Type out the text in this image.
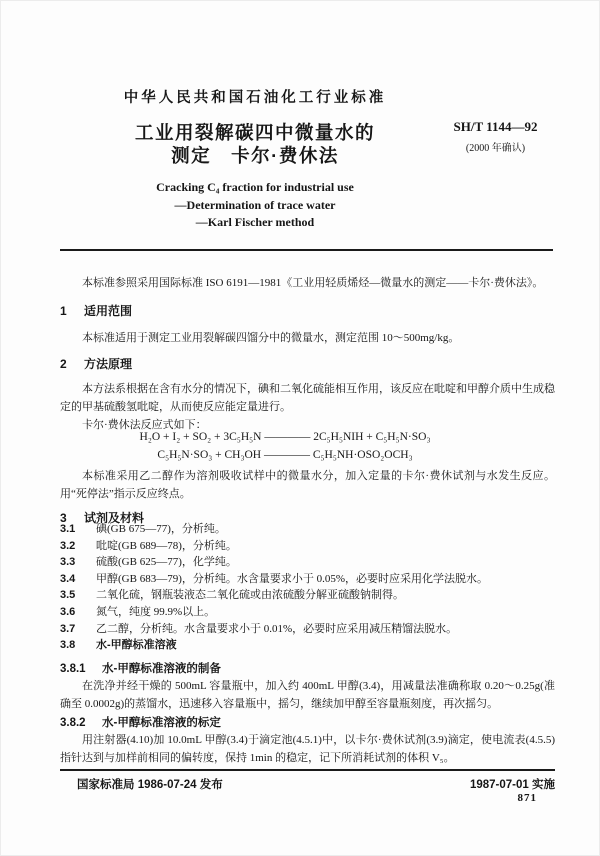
中华人民共和国石油化工行业标准
工业用裂解碳四中微量水的
测定　卡尔·费休法
SH/T 1144—92
(2000 年确认)
Cracking C₄ fraction for industrial use
—Determination of trace water
—Karl Fischer method
本标准参照采用国际标准 ISO 6191—1981《工业用轻质烯烃—微量水的测定——卡尔·费休法》。
1 适用范围
本标准适用于测定工业用裂解碳四馏分中的微量水，测定范围 10～500mg/kg。
2 方法原理
本方法系根据在含有水分的情况下，碘和二氧化硫能相互作用，该反应在吡啶和甲醇介质中生成稳定的甲基硫酸氢吡啶，从而使反应能定量进行。
卡尔·费休法反应式如下：
H₂O + I₂ + SO₂ + 3C₅H₅N ———— 2C₅H₅NIH + C₅H₅N·SO₃
C₅H₅N·SO₃ + CH₃OH ———— C₅H₅NH·OSO₂OCH₃
本标准采用乙二醇作为溶剂吸收试样中的微量水分，加入定量的卡尔·费休试剂与水发生反应。用“死停法”指示反应终点。
3 试剂及材料
3.1 碘(GB 675—77)，分析纯。
3.2 吡啶(GB 689—78)，分析纯。
3.3 硫酸(GB 625—77)，化学纯。
3.4 甲醇(GB 683—79)，分析纯。水含量要求小于 0.05%，必要时应采用化学法脱水。
3.5 二氧化硫，钢瓶装液态二氧化硫或由浓硫酸分解亚硫酸钠制得。
3.6 氮气，纯度 99.9%以上。
3.7 乙二醇，分析纯。水含量要求小于 0.01%，必要时应采用减压精馏法脱水。
3.8 水-甲醇标准溶液
3.8.1 水-甲醇标准溶液的制备
在洗净并经干燥的 500mL 容量瓶中，加入约 400mL 甲醇(3.4)，用减量法准确称取 0.20～0.25g(准确至 0.0002g)的蒸馏水，迅速移入容量瓶中，摇匀，继续加甲醇至容量瓶刻度，再次摇匀。
3.8.2 水-甲醇标准溶液的标定
用注射器(4.10)加 10.0mL 甲醇(3.4)于滴定池(4.5.1)中，以卡尔·费休试剂(3.9)滴定，使电流表(4.5.5)指针达到与加样前相同的偏转度，保持 1min 的稳定，记下所消耗试剂的体积 V₅。
国家标准局 1986-07-24 发布	1987-07-01 实施
871
